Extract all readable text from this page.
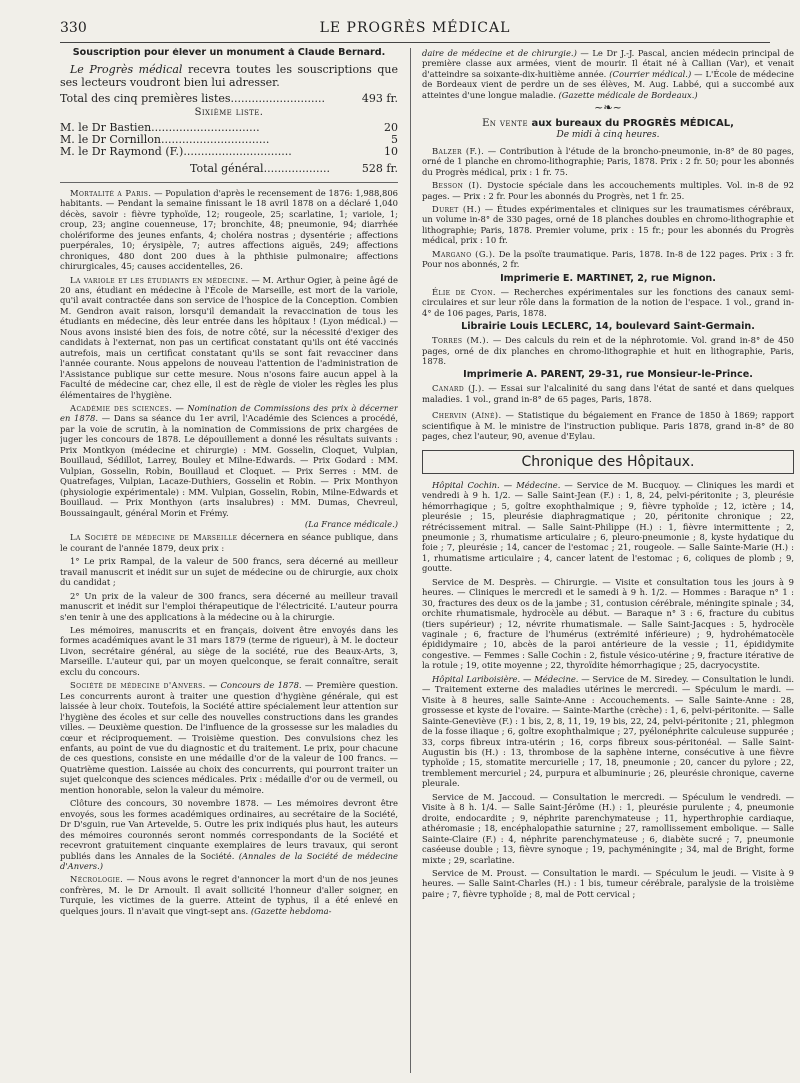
330	LE PROGRÈS MÉDICAL
Souscription pour élever un monument à Claude Bernard.

Le Progrès médical recevra toutes les souscriptions que ses lecteurs voudront bien lui adresser.

Total des cinq premières listes...........................	493 fr.
Sixième liste.
M. le Dr Bastien...............................	20
M. le Dr Cornillon...............................	5
M. le Dr Raymond (F.)...............................	10
Total général...................	528 fr.

Mortalité a Paris. — Population d'après le recensement de 1876: 1,988,806 habitants. — Pendant la semaine finissant le 18 avril 1878 on a déclaré 1,040 décès, savoir : fièvre typhoïde, 12; rougeole, 25; scarlatine, 1; variole, 1; croup, 23; angine couenneuse, 17; bronchite, 48; pneumonie, 94; diarrhée cholériforme des jeunes enfants, 4; choléra nostras ; dysentérie ; affections puerpérales, 10; érysipèle, 7; autres affections aiguës, 249; affections chroniques, 480 dont 200 dues à la phthisie pulmonaire; affections chirurgicales, 45; causes accidentelles, 26.

La variole et les étudiants en médecine. — M. Arthur Ogier, à peine âgé de 20 ans, étudiant en médecine à l'École de Marseille, est mort de la variole, qu'il avait contractée dans son service de l'hospice de la Conception. Combien M. Gendron avait raison, lorsqu'il demandait la revaccination de tous les étudiants en médecine, dès leur entrée dans les hôpitaux ! (Lyon médical.) — Nous avons insisté bien des fois, de notre côté, sur la nécessité d'exiger des candidats à l'externat, non pas un certificat constatant qu'ils ont été vaccinés autrefois, mais un certificat constatant qu'ils se sont fait revacciner dans l'année courante. Nous appelons de nouveau l'attention de l'administration de l'Assistance publique sur cette mesure. Nous n'osons faire aucun appel à la Faculté de médecine car, chez elle, il est de règle de violer les règles les plus élémentaires de l'hygiène.

Académie des sciences. — Nomination de Commissions des prix à décerner en 1878. — Dans sa séance du 1er avril, l'Académie des Sciences a procédé, par la voie de scrutin, à la nomination de Commissions de prix chargées de juger les concours de 1878. Le dépouillement a donné les résultats suivants : Prix Montkyon (médecine et chirurgie) : MM. Gosselin, Cloquet, Vulpian, Bouillaud, Sédillot, Larrey, Bouley et Milne-Edwards. — Prix Godard : MM. Vulpian, Gosselin, Robin, Bouillaud et Cloquet. — Prix Serres : MM. de Quatrefages, Vulpian, Lacaze-Duthiers, Gosselin et Robin. — Prix Monthyon (physiologie expérimentale) : MM. Vulpian, Gosselin, Robin, Milne-Edwards et Bouillaud. — Prix Monthyon (arts insalubres) : MM. Dumas, Chevreul, Boussaingault, général Morin et Frémy.

(La France médicale.)

La Société de médecine de Marseille décernera en séance publique, dans le courant de l'année 1879, deux prix :

1° Le prix Rampal, de la valeur de 500 francs, sera décerné au meilleur travail manuscrit et inédit sur un sujet de médecine ou de chirurgie, aux choix du candidat ;

2° Un prix de la valeur de 300 francs, sera décerné au meilleur travail manuscrit et inédit sur l'emploi thérapeutique de l'électricité. L'auteur pourra s'en tenir à une des applications à la médecine ou à la chirurgie.

Les mémoires, manuscrits et en français, doivent être envoyés dans les formes académiques avant le 31 mars 1879 (terme de rigueur), à M. le docteur Livon, secrétaire général, au siège de la société, rue des Beaux-Arts, 3, Marseille. L'auteur qui, par un moyen quelconque, se ferait connaître, serait exclu du concours.

Société de médecine d'Anvers. — Concours de 1878. — Première question. Les concurrents auront à traiter une question d'hygiène générale, qui est laissée à leur choix. Toutefois, la Société attire spécialement leur attention sur l'hygiène des écoles et sur celle des nouvelles constructions dans les grandes villes. — Deuxième question. De l'influence de la grossesse sur les maladies du cœur et réciproquement. — Troisième question. Des convulsions chez les enfants, au point de vue du diagnostic et du traitement. Le prix, pour chacune de ces questions, consiste en une médaille d'or de la valeur de 100 francs. — Quatrième question. Laissée au choix des concurrents, qui pourront traiter un sujet quelconque des sciences médicales. Prix : médaille d'or ou de vermeil, ou mention honorable, selon la valeur du mémoire.

Clôture des concours, 30 novembre 1878. — Les mémoires devront être envoyés, sous les formes académiques ordinaires, au secrétaire de la Société, Dr D'sguin, rue Van Artevelde, 5. Outre les prix indiqués plus haut, les auteurs des mémoires couronnés seront nommés correspondants de la Société et recevront gratuitement cinquante exemplaires de leurs travaux, qui seront publiés dans les Annales de la Société. (Annales de la Société de médecine d'Anvers.)

Nécrologie. — Nous avons le regret d'annoncer la mort d'un de nos jeunes confrères, M. le Dr Arnoult. Il avait sollicité l'honneur d'aller soigner, en Turquie, les victimes de la guerre. Atteint de typhus, il a été enlevé en quelques jours. Il n'avait que vingt-sept ans. (Gazette hebdoma-

daire de médecine et de chirurgie.) — Le Dr J.-J. Pascal, ancien médecin principal de première classe aux armées, vient de mourir. Il était né à Callian (Var), et venait d'atteindre sa soixante-dix-huitième année. (Courrier médical.) — L'École de médecine de Bordeaux vient de perdre un de ses élèves, M. Aug. Labbé, qui a succombé aux atteintes d'une longue maladie. (Gazette médicale de Bordeaux.)

~❧~
En vente aux bureaux du PROGRÈS MÉDICAL,
De midi à cinq heures.

Balzer (F.). — Contribution à l'étude de la broncho-pneumonie, in-8° de 80 pages, orné de 1 planche en chromo-lithographie; Paris, 1878. Prix : 2 fr. 50; pour les abonnés du Progrès médical, prix : 1 fr. 75.

Besson (I). Dystocie spéciale dans les accouchements multiples. Vol. in-8 de 92 pages. — Prix : 2 fr. Pour les abonnés du Progrès, net 1 fr. 25.

Duret (H.) — Études expérimentales et cliniques sur les traumatismes cérébraux, un volume in-8° de 330 pages, orné de 18 planches doubles en chromo-lithographie et lithographie; Paris, 1878. Premier volume, prix : 15 fr.; pour les abonnés du Progrès médical, prix : 10 fr.

Margano (G.). De la psoïte traumatique. Paris, 1878. In-8 de 122 pages. Prix : 3 fr. Pour nos abonnés, 2 fr.

Imprimerie E. MARTINET, 2, rue Mignon.

Élie de Cyon. — Recherches expérimentales sur les fonctions des canaux semi-circulaires et sur leur rôle dans la formation de la notion de l'espace. 1 vol., grand in-4° de 106 pages, Paris, 1878.

Librairie Louis LECLERC, 14, boulevard Saint-Germain.

Torres (M.). — Des calculs du rein et de la néphrotomie. Vol. grand in-8° de 450 pages, orné de dix planches en chromo-lithographie et huit en lithographie, Paris, 1878.

Imprimerie A. PARENT, 29-31, rue Monsieur-le-Prince.

Canard (J.). — Essai sur l'alcalinité du sang dans l'état de santé et dans quelques maladies. 1 vol., grand in-8° de 65 pages, Paris, 1878.

Chervin (Aîné). — Statistique du bégaiement en France de 1850 à 1869; rapport scientifique à M. le ministre de l'instruction publique. Paris 1878, grand in-8° de 80 pages, chez l'auteur, 90, avenue d'Eylau.

Chronique des Hôpitaux.

Hôpital Cochin. — Médecine. — Service de M. Bucquoy. — Cliniques les mardi et vendredi à 9 h. 1/2. — Salle Saint-Jean (F.) : 1, 8, 24, pelvi-péritonite ; 3, pleurésie hémorrhagique ; 5, goître exophthalmique ; 9, fièvre typhoïde ; 12, ictère ; 14, pleurésie ; 15, pleurésie diaphragmatique ; 20, péritonite chronique ; 22, rétrécissement mitral. — Salle Saint-Philippe (H.) : 1, fièvre intermittente ; 2, pneumonie ; 3, rhumatisme articulaire ; 6, pleuro-pneumonie ; 8, kyste hydatique du foie ; 7, pleurésie ; 14, cancer de l'estomac ; 21, rougeole. — Salle Sainte-Marie (H.) : 1, rhumatisme articulaire ; 4, cancer latent de l'estomac ; 6, coliques de plomb ; 9, goutte.

Service de M. Desprès. — Chirurgie. — Visite et consultation tous les jours à 9 heures. — Cliniques le mercredi et le samedi à 9 h. 1/2. — Hommes : Baraque n° 1 : 30, fractures des deux os de la jambe ; 31, contusion cérébrale, méningite spinale ; 34, orchite rhumatismale, hydrocèle au début. — Baraque n° 3 : 6, fracture du cubitus (tiers supérieur) ; 12, névrite rhumatismale. — Salle Saint-Jacques : 5, hydrocèle vaginale ; 6, fracture de l'humérus (extrémité inférieure) ; 9, hydrohématocèle épididymaire ; 10, abcès de la paroi antérieure de la vessie ; 11, épididymite congestive. — Femmes : Salle Cochin : 2, fistule vésico-utérine ; 9, fracture itérative de la rotule ; 19, otite moyenne ; 22, thyroïdite hémorrhagique ; 25, dacryocystite.

Hôpital Lariboisière. — Médecine. — Service de M. Siredey. — Consultation le lundi. — Traitement externe des maladies utérines le mercredi. — Spéculum le mardi. — Visite à 8 heures, salle Sainte-Anne : Accouchements. — Salle Sainte-Anne : 28, grossesse et kyste de l'ovaire. — Sainte-Marthe (crèche) : 1, 6, pelvi-péritonite. — Salle Sainte-Geneviève (F.) : 1 bis, 2, 8, 11, 19, 19 bis, 22, 24, pelvi-péritonite ; 21, phlegmon de la fosse iliaque ; 6, goître exophthalmique ; 27, pyélonéphrite calculeuse suppurée ; 33, corps fibreux intra-utérin ; 16, corps fibreux sous-péritonéal. — Salle Saint-Augustin bis (H.) : 13, thrombose de la saphène interne, consécutive à une fièvre typhoïde ; 15, stomatite mercurielle ; 17, 18, pneumonie ; 20, cancer du pylore ; 22, tremblement mercuriel ; 24, purpura et albuminurie ; 26, pleurésie chronique, caverne pleurale.

Service de M. Jaccoud. — Consultation le mercredi. — Spéculum le vendredi. — Visite à 8 h. 1/4. — Salle Saint-Jérôme (H.) : 1, pleurésie purulente ; 4, pneumonie droite, endocardite ; 9, néphrite parenchymateuse ; 11, hyperthrophie cardiaque, athéromasie ; 18, encéphalopathie saturnine ; 27, ramollissement embolique. — Salle Sainte-Claire (F.) : 4, néphrite parenchymateuse ; 6, diabète sucré ; 7, pneumonie caséeuse double ; 13, fièvre synoque ; 19, pachyméningite ; 34, mal de Bright, forme mixte ; 29, scarlatine.

Service de M. Proust. — Consultation le mardi. — Spéculum le jeudi. — Visite à 9 heures. — Salle Saint-Charles (H.) : 1 bis, tumeur cérébrale, paralysie de la troisième paire ; 7, fièvre typhoïde ; 8, mal de Pott cervical ;
